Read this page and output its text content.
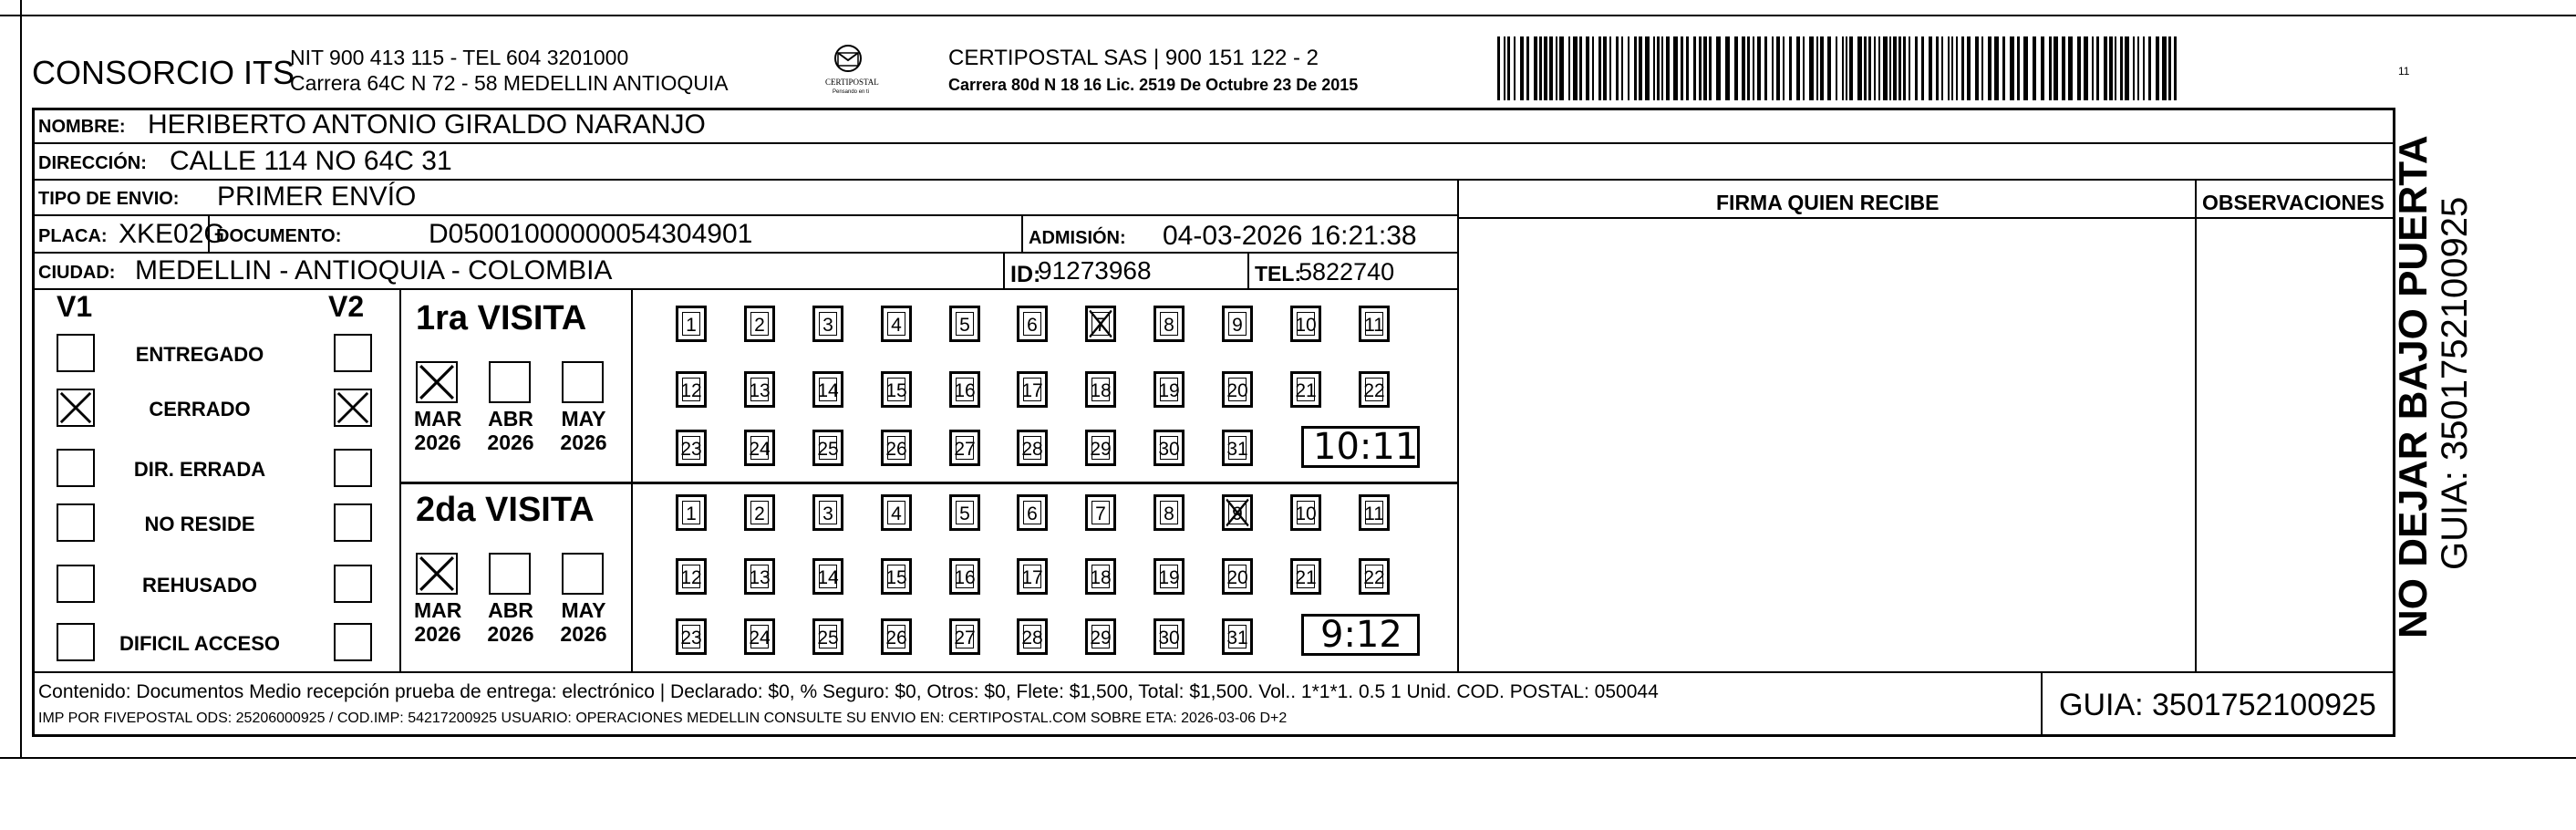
CONSORCIO ITS
NIT 900 413 115 - TEL 604 3201000
Carrera 64C N 72 - 58 MEDELLIN ANTIOQUIA	CERTIPOSTAL
Pensando en ti
CERTIPOSTAL SAS | 900 151 122 - 2
Carrera 80d N 18 16 Lic. 2519 De Octubre 23 De 2015
11
NOMBRE: HERIBERTO ANTONIO GIRALDO NARANJO
DIRECCIÓN: CALLE 114 NO 64C 31
TIPO DE ENVIO: PRIMER ENVÍO
PLACA: XKE02G
DOCUMENTO:	D05001000000054304901	ADMISIÓN: 04-03-2026 16:21:38
CIUDAD: MEDELLIN - ANTIOQUIA - COLOMBIA	ID:
91273968	TEL:
5822740
FIRMA QUIEN RECIBE	OBSERVACIONES
V1	V2
ENTREGADO
CERRADO
DIR. ERRADA
NO RESIDE
REHUSADO
DIFICIL ACCESO
1ra VISITA
2da VISITA
MAR
2026
ABR
2026
MAY
2026
MAR
2026
ABR
2026
MAY
2026
1	2	3	4	5	6	7	8	9	10 11
12 13 14 15 16 17 18 19 20 21 22
23 24 25 26 27 28 29 30 31
1	2	3	4	5	6	7	8	9	10 11
12 13 14 15 16 17 18 19 20 21 22
23 24 25 26 27 28 29 30 31
10:11
9:12
Contenido: Documentos Medio recepción prueba de entrega: electrónico | Declarado: $0, % Seguro: $0, Otros: $0, Flete: $1,500, Total: $1,500. Vol.. 1*1*1. 0.5 1 Unid. COD. POSTAL: 050044
IMP POR FIVEPOSTAL ODS: 25206000925 / COD.IMP: 54217200925 USUARIO: OPERACIONES MEDELLIN CONSULTE SU ENVIO EN: CERTIPOSTAL.COM SOBRE ETA: 2026-03-06 D+2	GUIA: 3501752100925
NO DEJAR BAJO PUERTA GUIA: 3501752100925
